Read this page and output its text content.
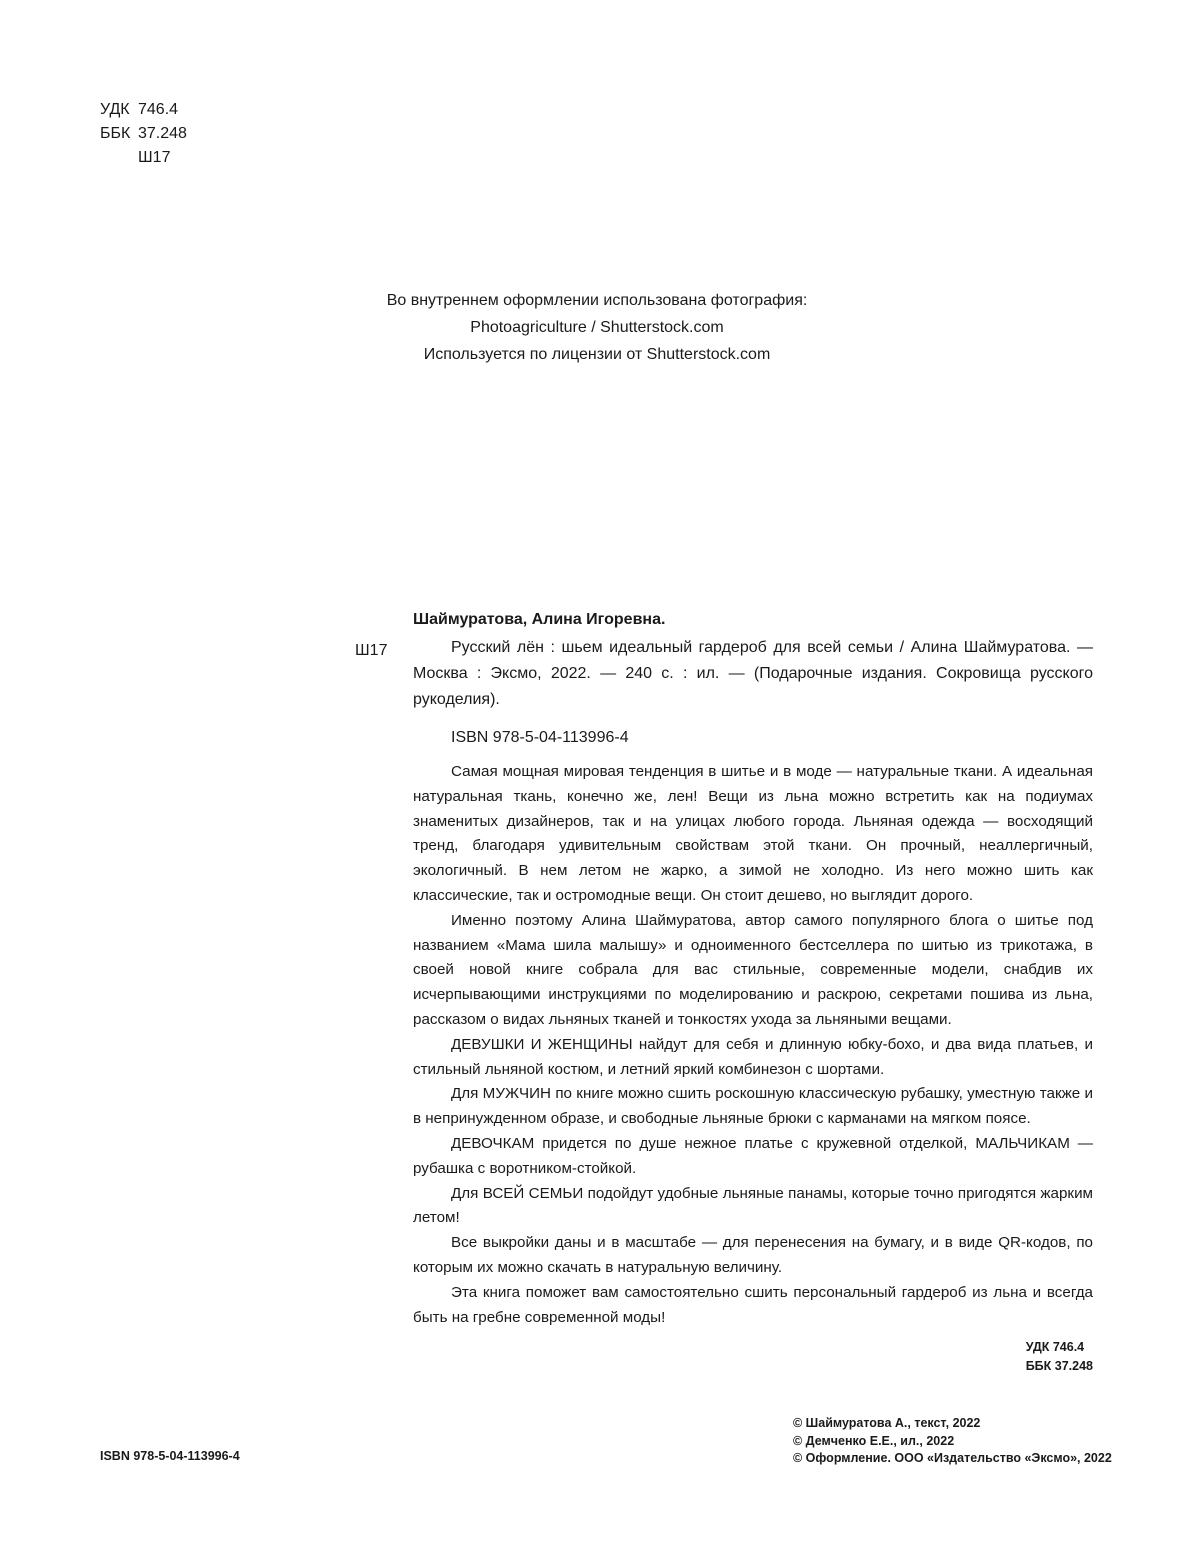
УДК 746.4
ББК 37.248
Ш17
Во внутреннем оформлении использована фотография:
Photoagriculture / Shutterstock.com
Используется по лицензии от Shutterstock.com
Ш17
Шаймуратова, Алина Игоревна.

Русский лён : шьем идеальный гардероб для всей семьи / Алина Шаймуратова. — Москва : Эксмо, 2022. — 240 с. : ил. — (Подарочные издания. Сокровища русского рукоделия).

ISBN 978-5-04-113996-4

Самая мощная мировая тенденция в шитье и в моде — натуральные ткани. А идеальная натуральная ткань, конечно же, лен! Вещи из льна можно встретить как на подиумах знаменитых дизайнеров, так и на улицах любого города. Льняная одежда — восходящий тренд, благодаря удивительным свойствам этой ткани. Он прочный, неаллергичный, экологичный. В нем летом не жарко, а зимой не холодно. Из него можно шить как классические, так и остромодные вещи. Он стоит дешево, но выглядит дорого.

Именно поэтому Алина Шаймуратова, автор самого популярного блога о шитье под названием «Мама шила малышу» и одноименного бестселлера по шитью из трикотажа, в своей новой книге собрала для вас стильные, современные модели, снабдив их исчерпывающими инструкциями по моделированию и раскрою, секретами пошива из льна, рассказом о видах льняных тканей и тонкостях ухода за льняными вещами.

ДЕВУШКИ И ЖЕНЩИНЫ найдут для себя и длинную юбку-бохо, и два вида платьев, и стильный льняной костюм, и летний яркий комбинезон с шортами.

Для МУЖЧИН по книге можно сшить роскошную классическую рубашку, уместную также и в непринужденном образе, и свободные льняные брюки с карманами на мягком поясе.

ДЕВОЧКАМ придется по душе нежное платье с кружевной отделкой, МАЛЬЧИКАМ — рубашка с воротником-стойкой.

Для ВСЕЙ СЕМЬИ подойдут удобные льняные панамы, которые точно пригодятся жарким летом!

Все выкройки даны и в масштабе — для перенесения на бумагу, и в виде QR-кодов, по которым их можно скачать в натуральную величину.

Эта книга поможет вам самостоятельно сшить персональный гардероб из льна и всегда быть на гребне современной моды!

УДК 746.4
ББК 37.248
ISBN 978-5-04-113996-4
© Шаймуратова А., текст, 2022
© Демченко Е.Е., ил., 2022
© Оформление. ООО «Издательство «Эксмо», 2022
